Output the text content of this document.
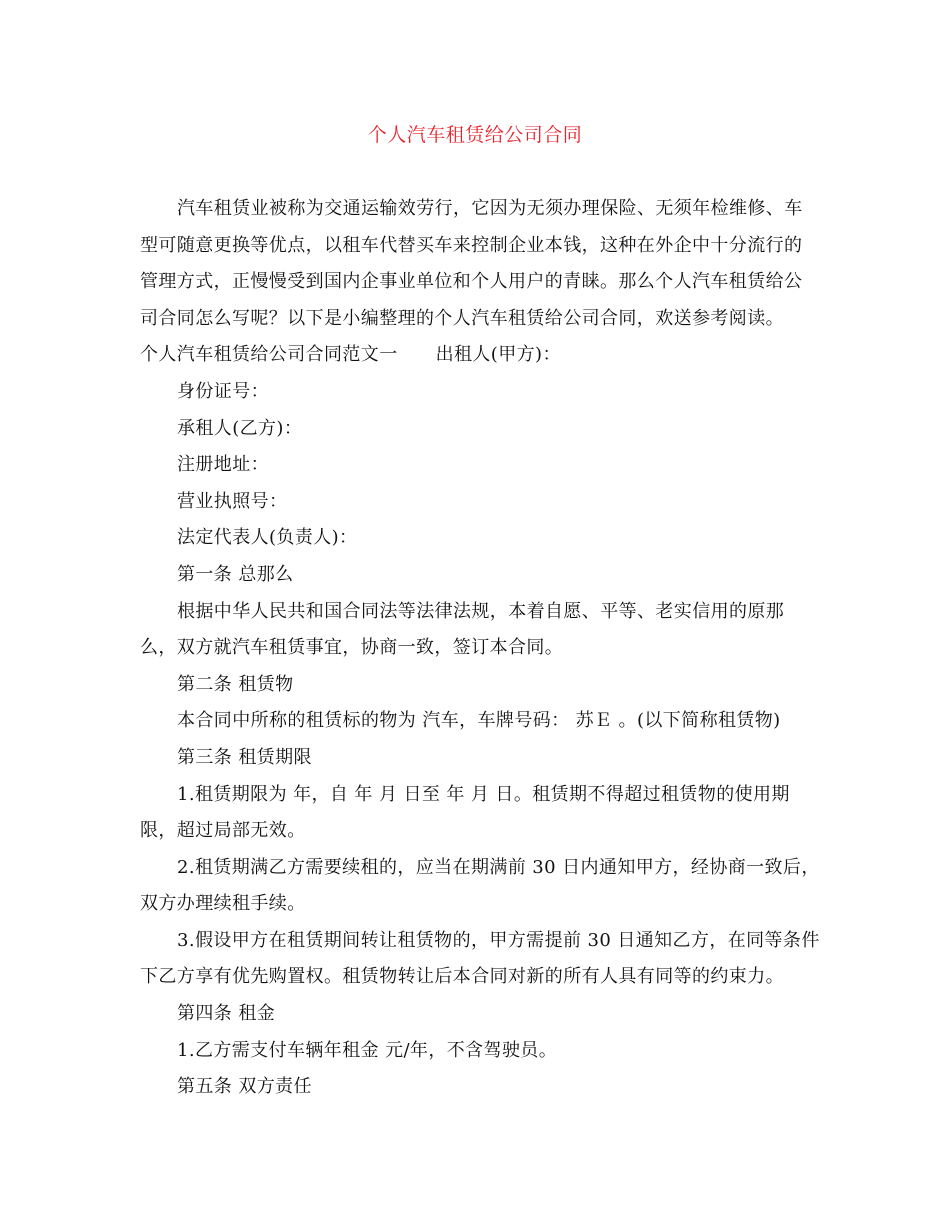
个人汽车租赁给公司合同

汽车租赁业被称为交通运输效劳行，它因为无须办理保险、无须年检维修、车型可随意更换等优点，以租车代替买车来控制企业本钱，这种在外企中十分流行的管理方式，正慢慢受到国内企事业单位和个人用户的青睐。那么个人汽车租赁给公司合同怎么写呢？以下是小编整理的个人汽车租赁给公司合同，欢送参考阅读。

个人汽车租赁给公司合同范文一 出租人(甲方)：

身份证号：

承租人(乙方)：

注册地址：

营业执照号：

法定代表人(负责人)：

第一条 总那么

根据中华人民共和国合同法等法律法规，本着自愿、平等、老实信用的原那么，双方就汽车租赁事宜，协商一致，签订本合同。

第二条 租赁物

本合同中所称的租赁标的物为 汽车，车牌号码： 苏Ｅ 。(以下简称租赁物)

第三条 租赁期限

1.租赁期限为 年，自 年 月 日至 年 月 日。租赁期不得超过租赁物的使用期限，超过局部无效。

2.租赁期满乙方需要续租的，应当在期满前 30 日内通知甲方，经协商一致后，双方办理续租手续。

3.假设甲方在租赁期间转让租赁物的，甲方需提前 30 日通知乙方，在同等条件下乙方享有优先购置权。租赁物转让后本合同对新的所有人具有同等的约束力。

第四条 租金

1.乙方需支付车辆年租金 元/年，不含驾驶员。

第五条 双方责任
